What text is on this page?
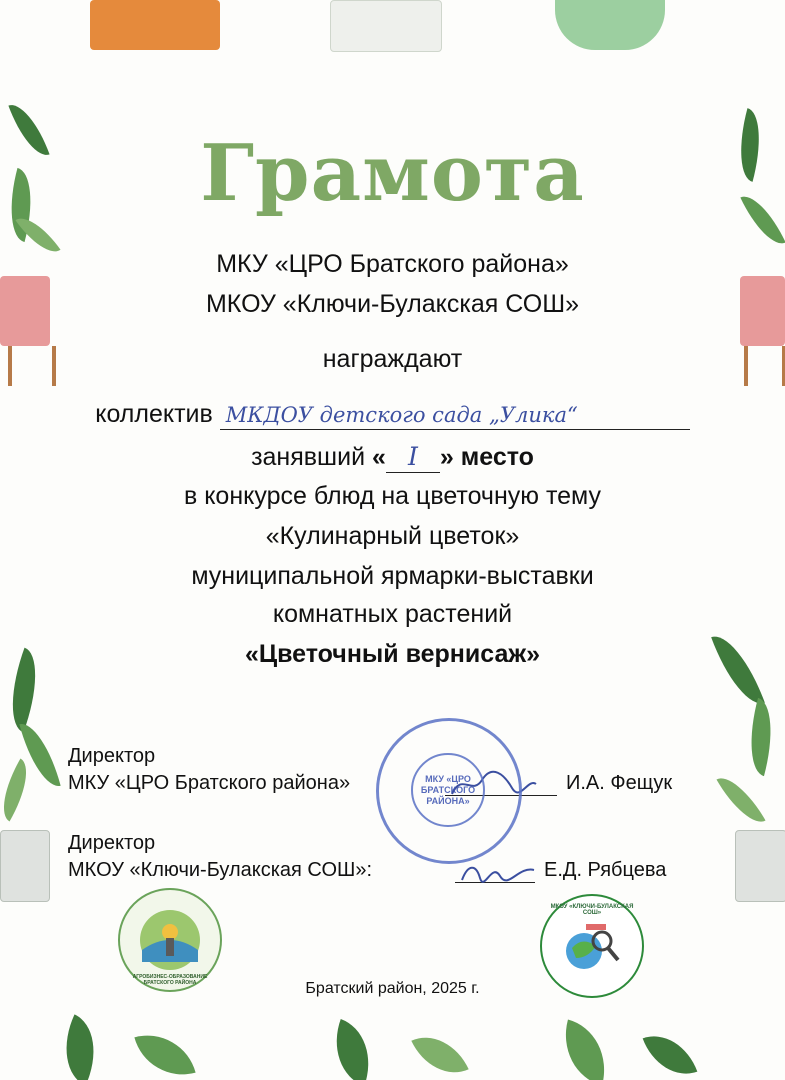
Грамота
МКУ «ЦРО Братского района»
МКОУ «Ключи-Булакская СОШ»
награждают
коллектив МКДОУ детского сада „Улика“
занявший « I » место
в конкурсе блюд на цветочную тему
«Кулинарный цветок»
муниципальной ярмарки-выставки
комнатных растений
«Цветочный вернисаж»
Директор
МКУ «ЦРО Братского района»	И.А. Фещук
МКУ «ЦРО БРАТСКОГО РАЙОНА»
Директор
МКОУ «Ключи-Булакская СОШ»:	Е.Д. Рябцева
АГРОБИЗНЕС-ОБРАЗОВАНИЕ БРАТСКОГО РАЙОНА
МКОУ «КЛЮЧИ-БУЛАКСКАЯ СОШ»
Братский район, 2025 г.
